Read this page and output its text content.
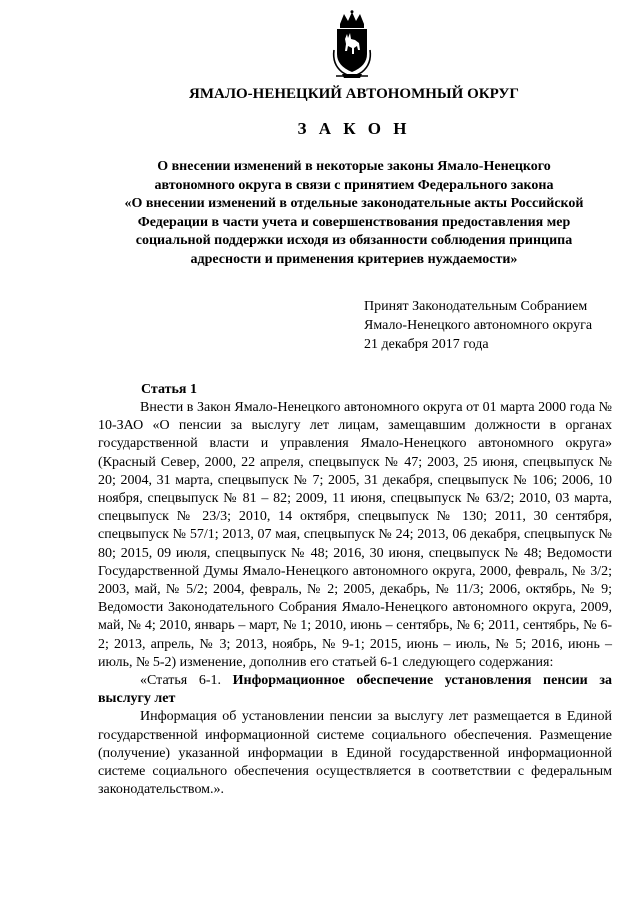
ЯМАЛО-НЕНЕЦКИЙ АВТОНОМНЫЙ ОКРУГ
З А К О Н
О внесении изменений в некоторые законы Ямало-Ненецкого
автономного округа в связи с принятием Федерального закона
«О внесении изменений в отдельные законодательные акты Российской
Федерации в части учета и совершенствования предоставления мер
социальной поддержки исходя из обязанности соблюдения принципа
адресности и применения критериев нуждаемости»
Принят Законодательным Собранием
Ямало-Ненецкого автономного округа
21 декабря 2017 года
Статья 1

Внести в Закон Ямало-Ненецкого автономного округа от 01 марта 2000 года № 10-ЗАО «О пенсии за выслугу лет лицам, замещавшим должности в органах государственной власти и управления Ямало-Ненецкого автономного округа» (Красный Север, 2000, 22 апреля, спецвыпуск № 47; 2003, 25 июня, спецвыпуск № 20; 2004, 31 марта, спецвыпуск № 7; 2005, 31 декабря, спецвыпуск № 106; 2006, 10 ноября, спецвыпуск № 81 – 82; 2009, 11 июня, спецвыпуск № 63/2; 2010, 03 марта, спецвыпуск № 23/3; 2010, 14 октября, спецвыпуск № 130; 2011, 30 сентября, спецвыпуск № 57/1; 2013, 07 мая, спецвыпуск № 24; 2013, 06 декабря, спецвыпуск № 80; 2015, 09 июля, спецвыпуск № 48; 2016, 30 июня, спецвыпуск № 48; Ведомости Государственной Думы Ямало-Ненецкого автономного округа, 2000, февраль, № 3/2; 2003, май, № 5/2; 2004, февраль, № 2; 2005, декабрь, № 11/3; 2006, октябрь, № 9; Ведомости Законодательного Собрания Ямало-Ненецкого автономного округа, 2009, май, № 4; 2010, январь – март, № 1; 2010, июнь – сентябрь, № 6; 2011, сентябрь, № 6-2; 2013, апрель, № 3; 2013, ноябрь, № 9-1; 2015, июнь – июль, № 5; 2016, июнь – июль, № 5-2) изменение, дополнив его статьей 6-1 следующего содержания:

«Статья 6-1. Информационное обеспечение установления пенсии за выслугу лет

Информация об установлении пенсии за выслугу лет размещается в Единой государственной информационной системе социального обеспечения. Размещение (получение) указанной информации в Единой государственной информационной системе социального обеспечения осуществляется в соответствии с федеральным законодательством.».
